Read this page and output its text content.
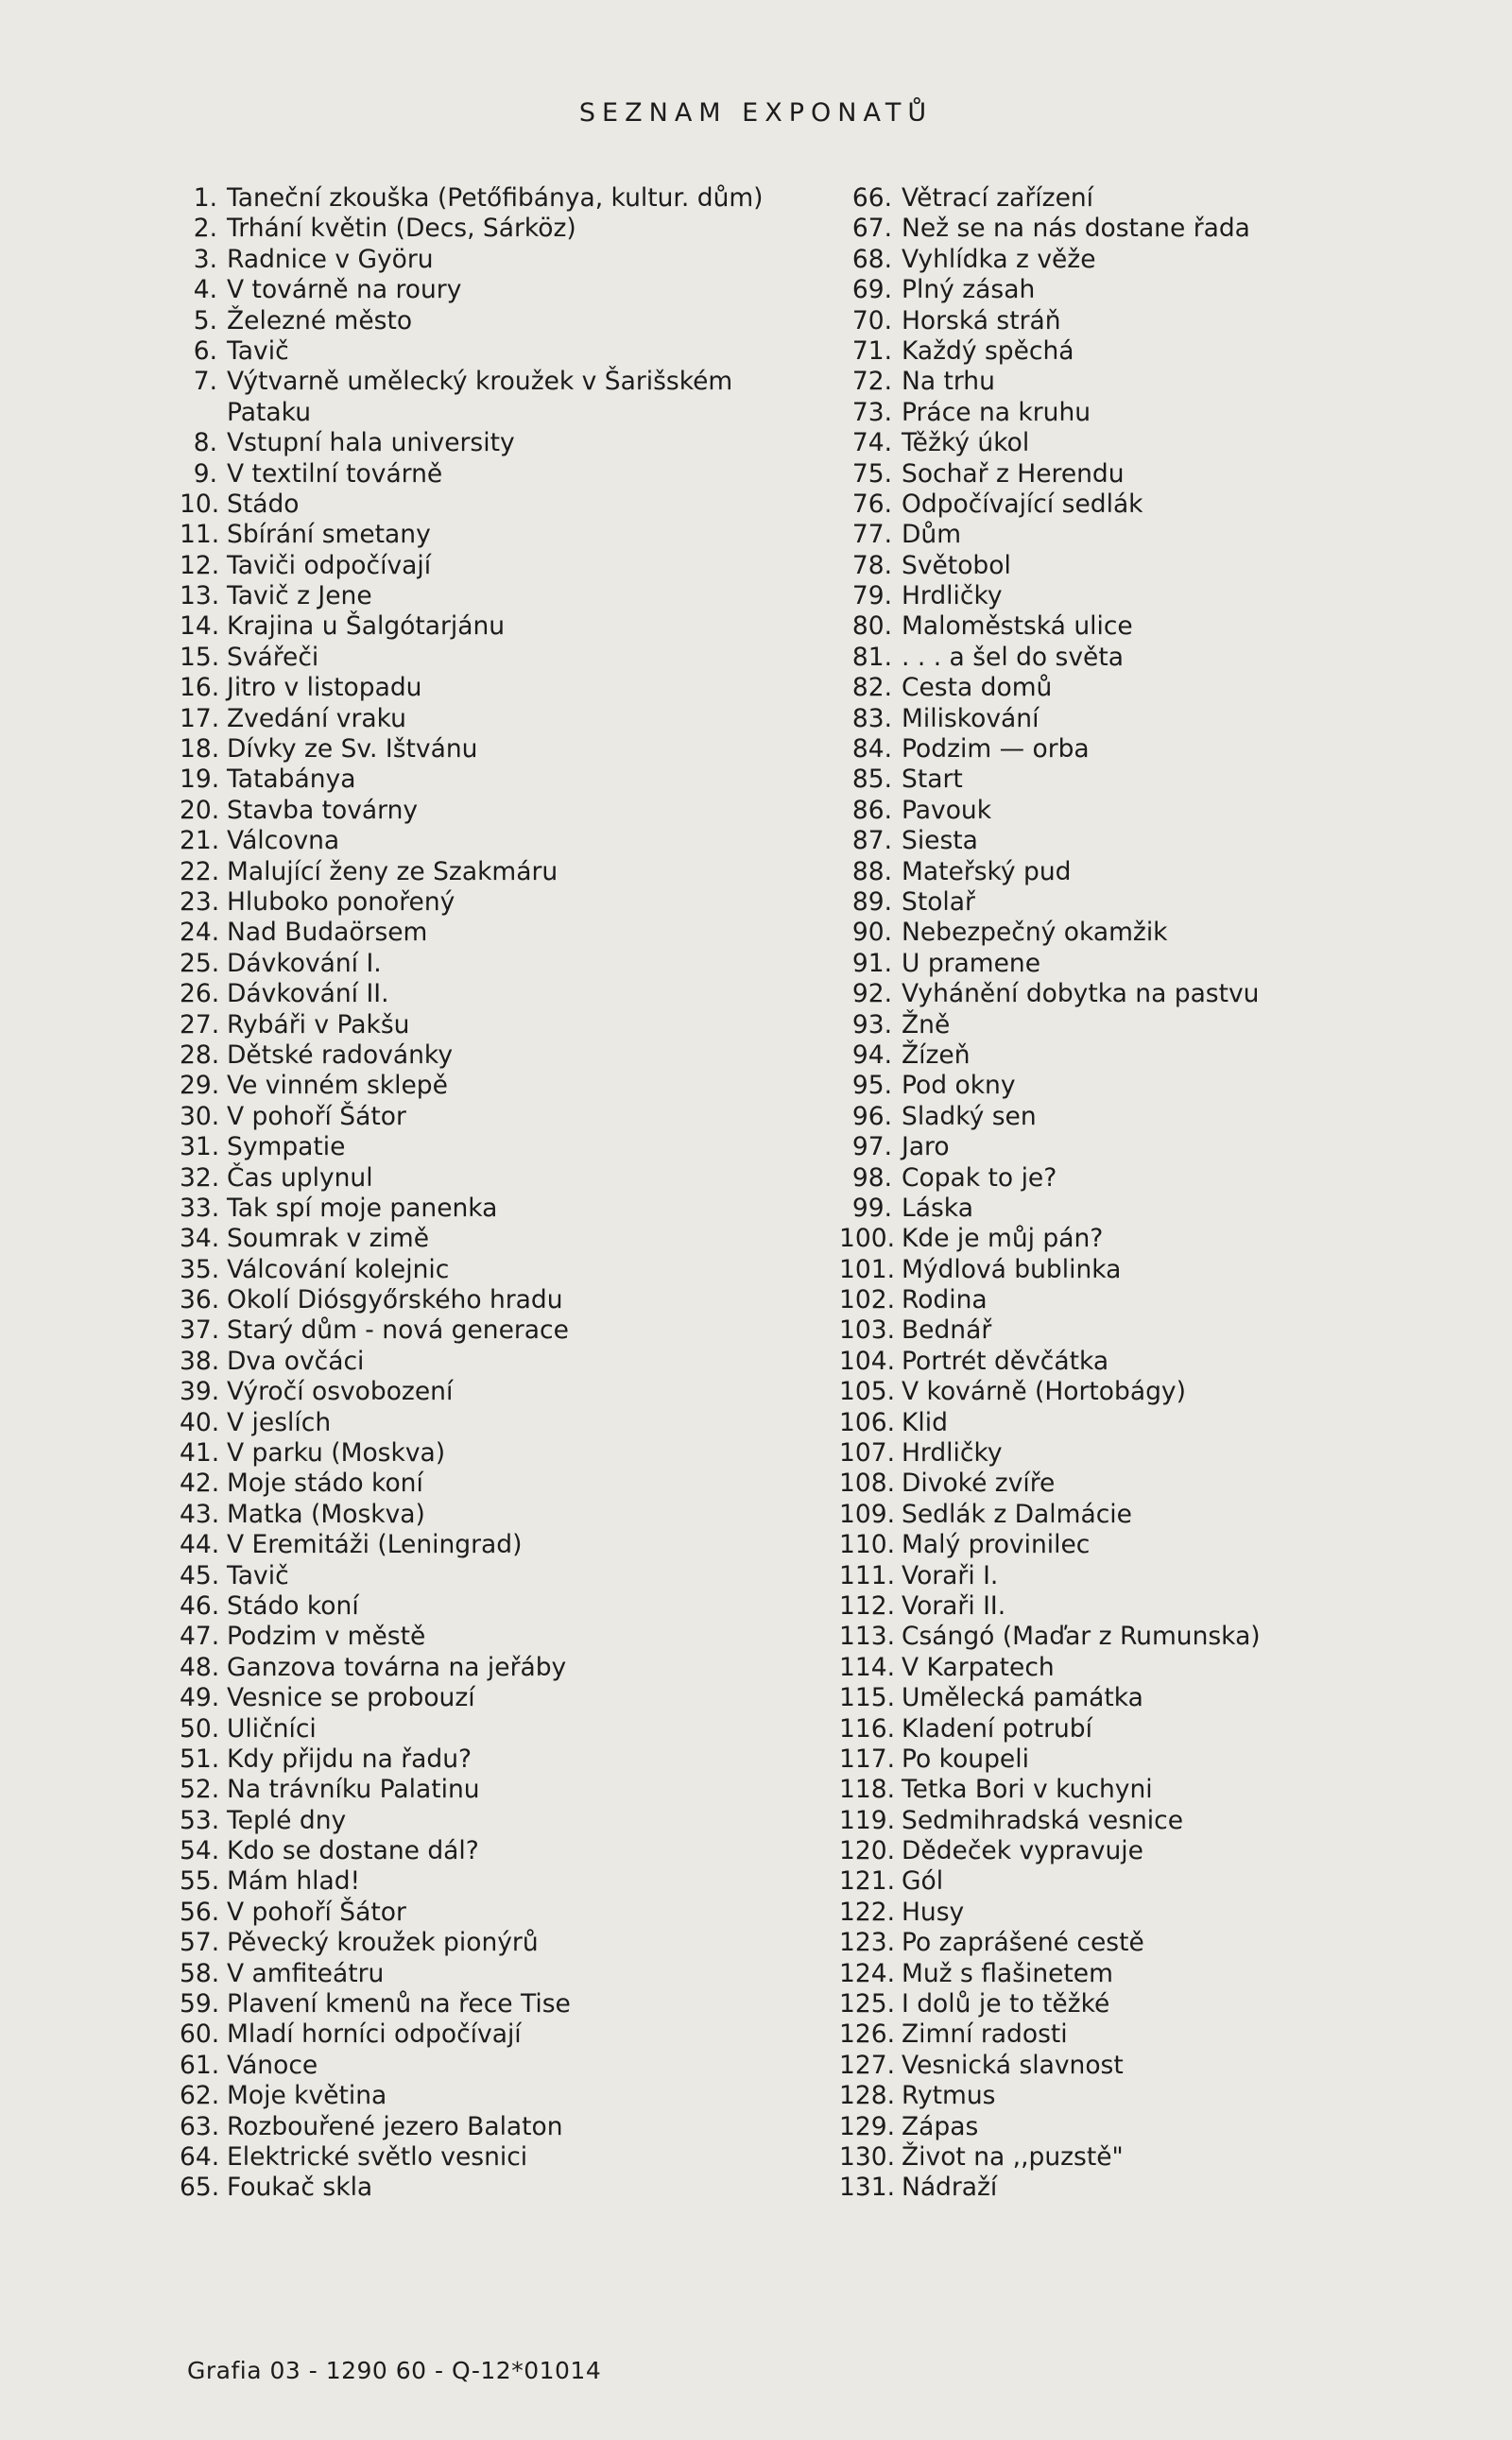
SEZNAM EXPONATŮ
1. Taneční zkouška (Petőfibánya, kultur. dům)
2. Trhání květin (Decs, Sárköz)
3. Radnice v Györu
4. V továrně na roury
5. Železné město
6. Tavič
7. Výtvarně umělecký kroužek v Šarišském
Pataku
8. Vstupní hala university
9. V textilní továrně
10. Stádo
11. Sbírání smetany
12. Taviči odpočívají
13. Tavič z Jene
14. Krajina u Šalgótarjánu
15. Svářeči
16. Jitro v listopadu
17. Zvedání vraku
18. Dívky ze Sv. Ištvánu
19. Tatabánya
20. Stavba továrny
21. Válcovna
22. Malující ženy ze Szakmáru
23. Hluboko ponořený
24. Nad Budaörsem
25. Dávkování I.
26. Dávkování II.
27. Rybáři v Pakšu
28. Dětské radovánky
29. Ve vinném sklepě
30. V pohoří Šátor
31. Sympatie
32. Čas uplynul
33. Tak spí moje panenka
34. Soumrak v zimě
35. Válcování kolejnic
36. Okolí Diósgyőrského hradu
37. Starý dům - nová generace
38. Dva ovčáci
39. Výročí osvobození
40. V jeslích
41. V parku (Moskva)
42. Moje stádo koní
43. Matka (Moskva)
44. V Eremitáži (Leningrad)
45. Tavič
46. Stádo koní
47. Podzim v městě
48. Ganzova továrna na jeřáby
49. Vesnice se probouzí
50. Uličníci
51. Kdy přijdu na řadu?
52. Na trávníku Palatinu
53. Teplé dny
54. Kdo se dostane dál?
55. Mám hlad!
56. V pohoří Šátor
57. Pěvecký kroužek pionýrů
58. V amfiteátru
59. Plavení kmenů na řece Tise
60. Mladí horníci odpočívají
61. Vánoce
62. Moje květina
63. Rozbouřené jezero Balaton
64. Elektrické světlo vesnici
65. Foukač skla
66. Větrací zařízení
67. Než se na nás dostane řada
68. Vyhlídka z věže
69. Plný zásah
70. Horská stráň
71. Každý spěchá
72. Na trhu
73. Práce na kruhu
74. Těžký úkol
75. Sochař z Herendu
76. Odpočívající sedlák
77. Dům
78. Světobol
79. Hrdličky
80. Maloměstská ulice
81. . . . a šel do světa
82. Cesta domů
83. Miliskování
84. Podzim — orba
85. Start
86. Pavouk
87. Siesta
88. Mateřský pud
89. Stolař
90. Nebezpečný okamžik
91. U pramene
92. Vyhánění dobytka na pastvu
93. Žně
94. Žízeň
95. Pod okny
96. Sladký sen
97. Jaro
98. Copak to je?
99. Láska
100. Kde je můj pán?
101. Mýdlová bublinka
102. Rodina
103. Bednář
104. Portrét děvčátka
105. V kovárně (Hortobágy)
106. Klid
107. Hrdličky
108. Divoké zvíře
109. Sedlák z Dalmácie
110. Malý provinilec
111. Voraři I.
112. Voraři II.
113. Csángó (Maďar z Rumunska)
114. V Karpatech
115. Umělecká památka
116. Kladení potrubí
117. Po koupeli
118. Tetka Bori v kuchyni
119. Sedmihradská vesnice
120. Dědeček vypravuje
121. Gól
122. Husy
123. Po zaprášené cestě
124. Muž s flašinetem
125. I dolů je to těžké
126. Zimní radosti
127. Vesnická slavnost
128. Rytmus
129. Zápas
130. Život na ,,puzstě"
131. Nádraží
Grafia 03 - 1290 60 - Q-12*01014
